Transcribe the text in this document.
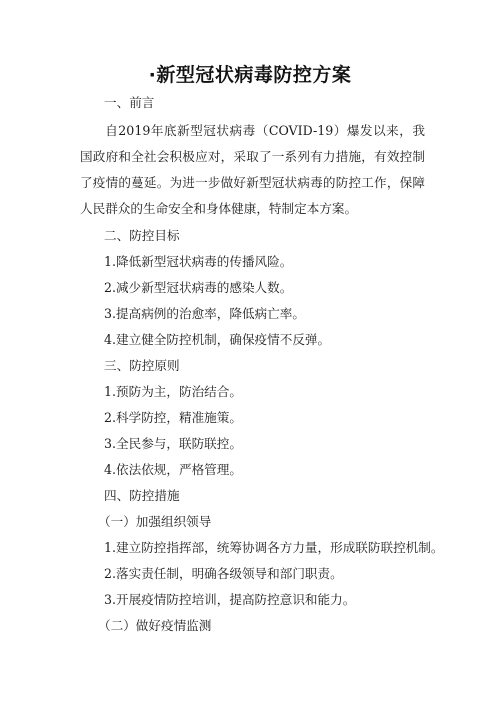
·新型冠状病毒防控方案
一、前言
自2019年底新型冠状病毒（COVID-19）爆发以来，我国政府和全社会积极应对，采取了一系列有力措施，有效控制了疫情的蔓延。为进一步做好新型冠状病毒的防控工作，保障人民群众的生命安全和身体健康，特制定本方案。
二、防控目标
1.降低新型冠状病毒的传播风险。
2.减少新型冠状病毒的感染人数。
3.提高病例的治愈率，降低病亡率。
4.建立健全防控机制，确保疫情不反弹。
三、防控原则
1.预防为主，防治结合。
2.科学防控，精准施策。
3.全民参与，联防联控。
4.依法依规，严格管理。
四、防控措施
（一）加强组织领导
1.建立防控指挥部，统筹协调各方力量，形成联防联控机制。
2.落实责任制，明确各级领导和部门职责。
3.开展疫情防控培训，提高防控意识和能力。
（二）做好疫情监测
